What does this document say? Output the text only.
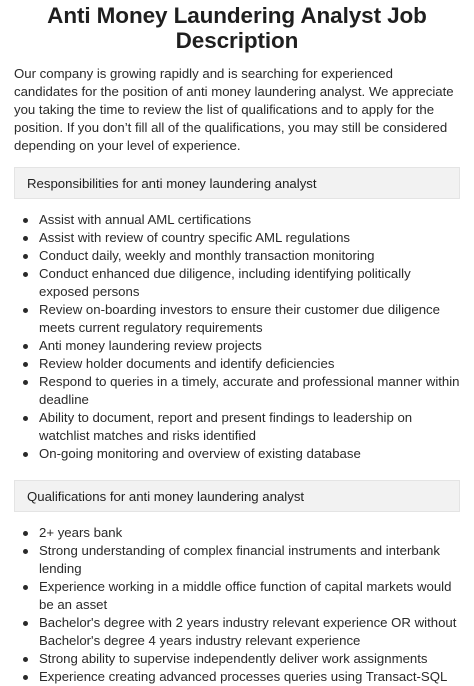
Anti Money Laundering Analyst Job Description

Our company is growing rapidly and is searching for experienced candidates for the position of anti money laundering analyst. We appreciate you taking the time to review the list of qualifications and to apply for the position. If you don’t fill all of the qualifications, you may still be considered depending on your level of experience.

Responsibilities for anti money laundering analyst
Assist with annual AML certifications
Assist with review of country specific AML regulations
Conduct daily, weekly and monthly transaction monitoring
Conduct enhanced due diligence, including identifying politically exposed persons
Review on-boarding investors to ensure their customer due diligence meets current regulatory requirements
Anti money laundering review projects
Review holder documents and identify deficiencies
Respond to queries in a timely, accurate and professional manner within deadline
Ability to document, report and present findings to leadership on watchlist matches and risks identified
On-going monitoring and overview of existing database
Qualifications for anti money laundering analyst
2+ years bank
Strong understanding of complex financial instruments and interbank lending
Experience working in a middle office function of capital markets would be an asset
Bachelor's degree with 2 years industry relevant experience OR without Bachelor's degree 4 years industry relevant experience
Strong ability to supervise independently deliver work assignments
Experience creating advanced processes queries using Transact-SQL
